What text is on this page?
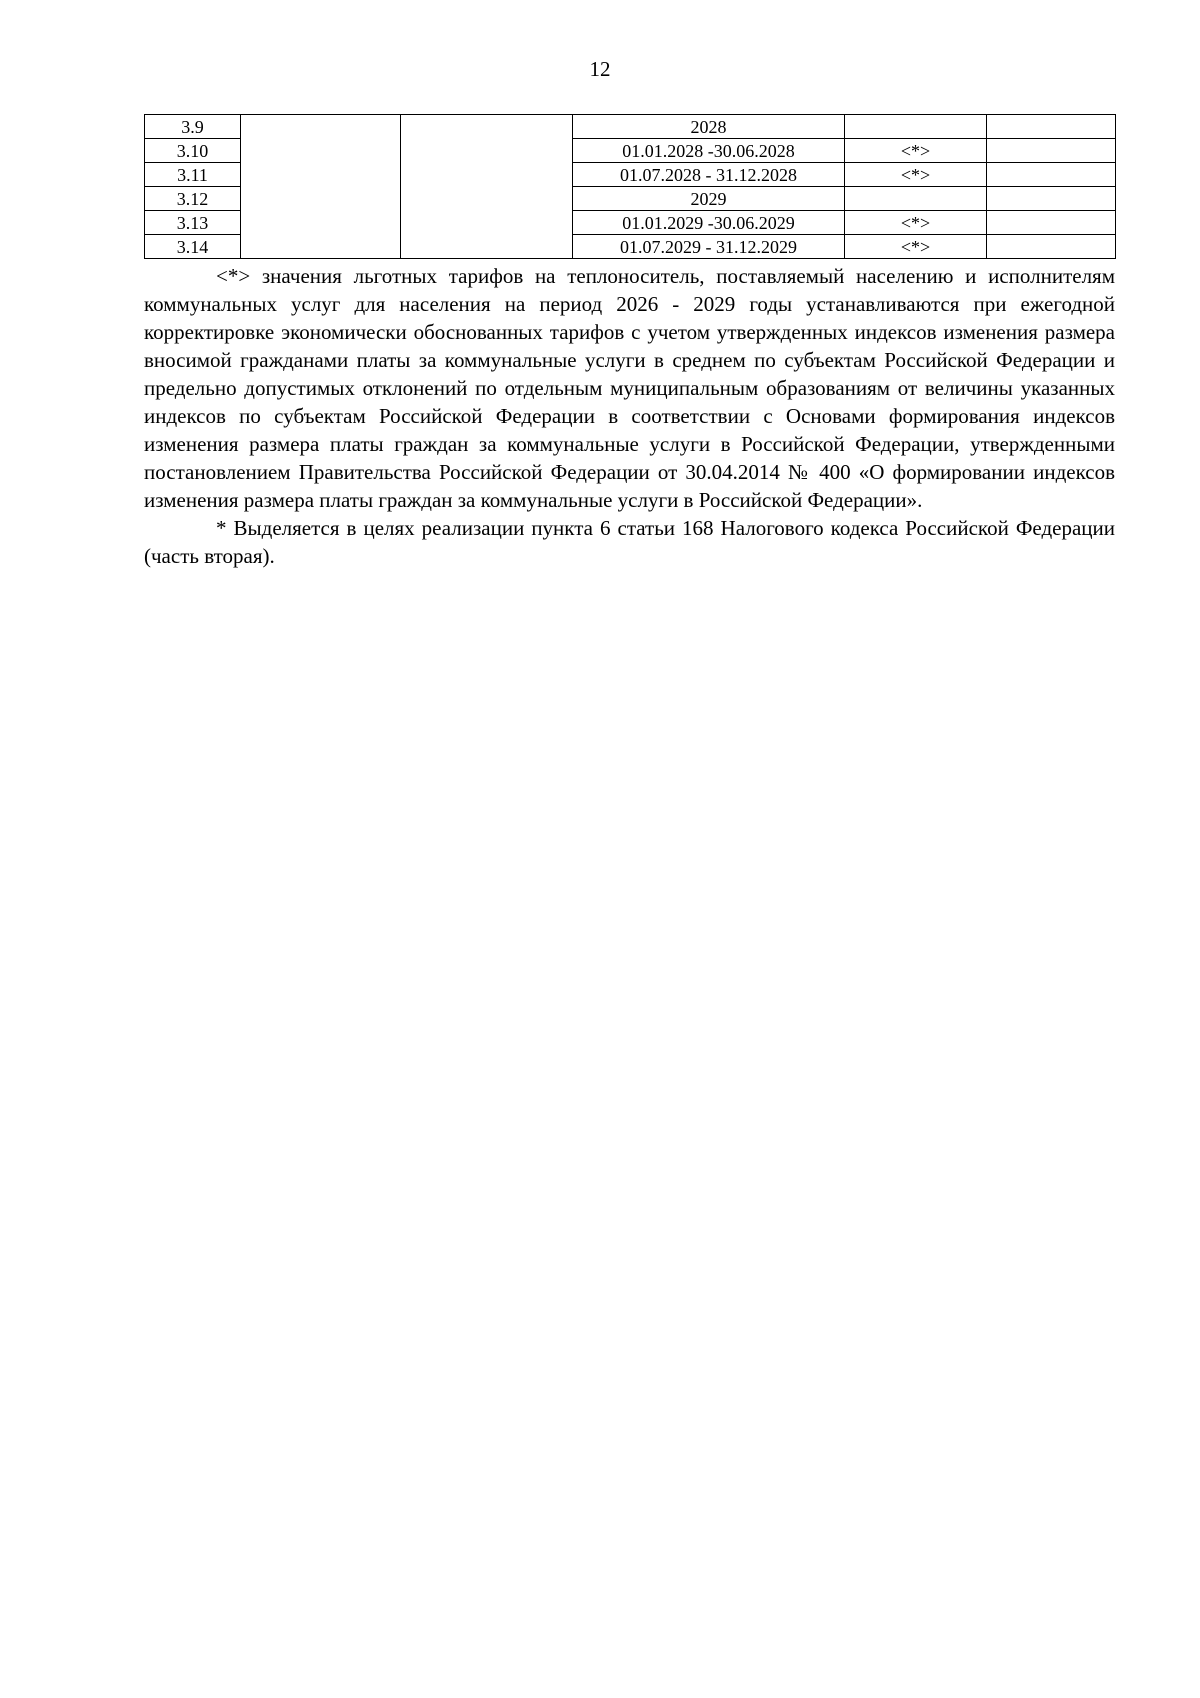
12
3.9			2028		
3.10			01.01.2028 -30.06.2028	<*>	
3.11			01.07.2028 - 31.12.2028	<*>	
3.12			2029		
3.13			01.01.2029 -30.06.2029	<*>	
3.14			01.07.2029 - 31.12.2029	<*>	

<*> значения льготных тарифов на теплоноситель, поставляемый населению и исполнителям коммунальных услуг для населения на период 2026 - 2029 годы устанавливаются при ежегодной корректировке экономически обоснованных тарифов с учетом утвержденных индексов изменения размера вносимой гражданами платы за коммунальные услуги в среднем по субъектам Российской Федерации и предельно допустимых отклонений по отдельным муниципальным образованиям от величины указанных индексов по субъектам Российской Федерации в соответствии с Основами формирования индексов изменения размера платы граждан за коммунальные услуги в Российской Федерации, утвержденными постановлением Правительства Российской Федерации от 30.04.2014 № 400 «О формировании индексов изменения размера платы граждан за коммунальные услуги в Российской Федерации».

* Выделяется в целях реализации пункта 6 статьи 168 Налогового кодекса Российской Федерации (часть вторая).
